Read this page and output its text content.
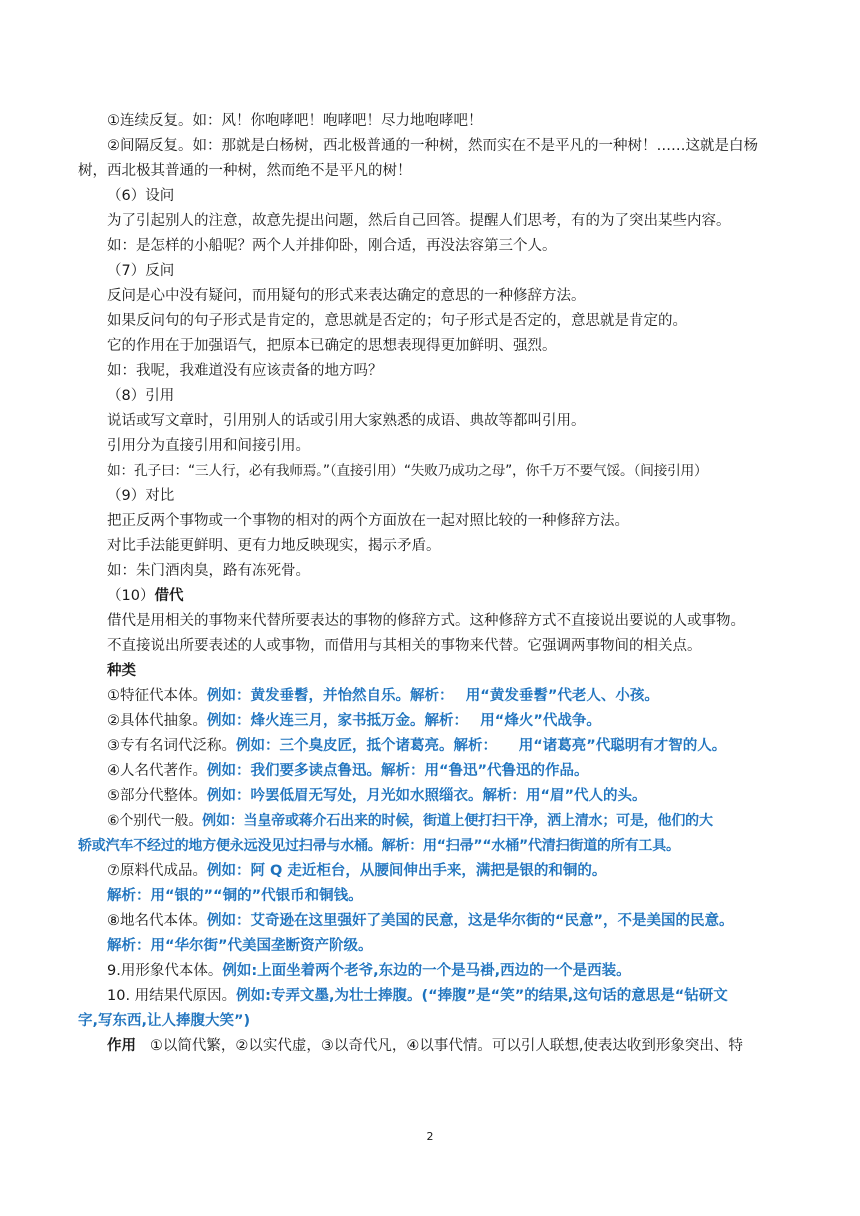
①连续反复。如：风！你咆哮吧！咆哮吧！尽力地咆哮吧！
②间隔反复。如：那就是白杨树，西北极普通的一种树，然而实在不是平凡的一种树！……这就是白杨
树，西北极其普通的一种树，然而绝不是平凡的树！
（6）设问
为了引起别人的注意，故意先提出问题，然后自己回答。提醒人们思考，有的为了突出某些内容。
如：是怎样的小船呢？两个人并排仰卧，刚合适，再没法容第三个人。
（7）反问
反问是心中没有疑问，而用疑句的形式来表达确定的意思的一种修辞方法。
如果反问句的句子形式是肯定的，意思就是否定的；句子形式是否定的，意思就是肯定的。
它的作用在于加强语气，把原本已确定的思想表现得更加鲜明、强烈。
如：我呢，我难道没有应该责备的地方吗？
（8）引用
说话或写文章时，引用别人的话或引用大家熟悉的成语、典故等都叫引用。
引用分为直接引用和间接引用。
如：孔子曰：“三人行，必有我师焉。”（直接引用）“失败乃成功之母”，你千万不要气馁。（间接引用）
（9）对比
把正反两个事物或一个事物的相对的两个方面放在一起对照比较的一种修辞方法。
对比手法能更鲜明、更有力地反映现实，揭示矛盾。
如：朱门酒肉臭，路有冻死骨。
（10）借代
借代是用相关的事物来代替所要表达的事物的修辞方式。这种修辞方式不直接说出要说的人或事物。
不直接说出所要表述的人或事物，而借用与其相关的事物来代替。它强调两事物间的相关点。
种类
①特征代本体。例如：黄发垂髫，并怡然自乐。解析：　 用“黄发垂髫”代老人、小孩。
②具体代抽象。例如：烽火连三月，家书抵万金。解析：　 用“烽火”代战争。
③专有名词代泛称。例如：三个臭皮匠，抵个诸葛亮。解析：　　用“诸葛亮”代聪明有才智的人。
④人名代著作。例如：我们要多读点鲁迅。解析：用“鲁迅”代鲁迅的作品。
⑤部分代整体。例如：吟罢低眉无写处，月光如水照缁衣。解析：用“眉”代人的头。
⑥个别代一般。例如：当皇帝或蒋介石出来的时候，街道上便打扫干净，洒上清水；可是，他们的大
轿或汽车不经过的地方便永远没见过扫帚与水桶。解析：用“扫帚”“水桶”代清扫街道的所有工具。
⑦原料代成品。例如：阿 Q 走近柜台，从腰间伸出手来，满把是银的和铜的。
解析：用“银的”“铜的”代银币和铜钱。
⑧地名代本体。例如：艾奇逊在这里强奸了美国的民意，这是华尔街的“民意”，不是美国的民意。
解析：用“华尔街”代美国垄断资产阶级。
9.用形象代本体。例如:上面坐着两个老爷,东边的一个是马褂,西边的一个是西装。
10. 用结果代原因。例如:专弄文墨,为壮士捧腹。(“捧腹”是“笑”的结果,这句话的意思是“钻研文
字,写东西,让人捧腹大笑”)
作用 ①以简代繁，②以实代虚，③以奇代凡，④以事代情。可以引人联想,使表达收到形象突出、特
2
